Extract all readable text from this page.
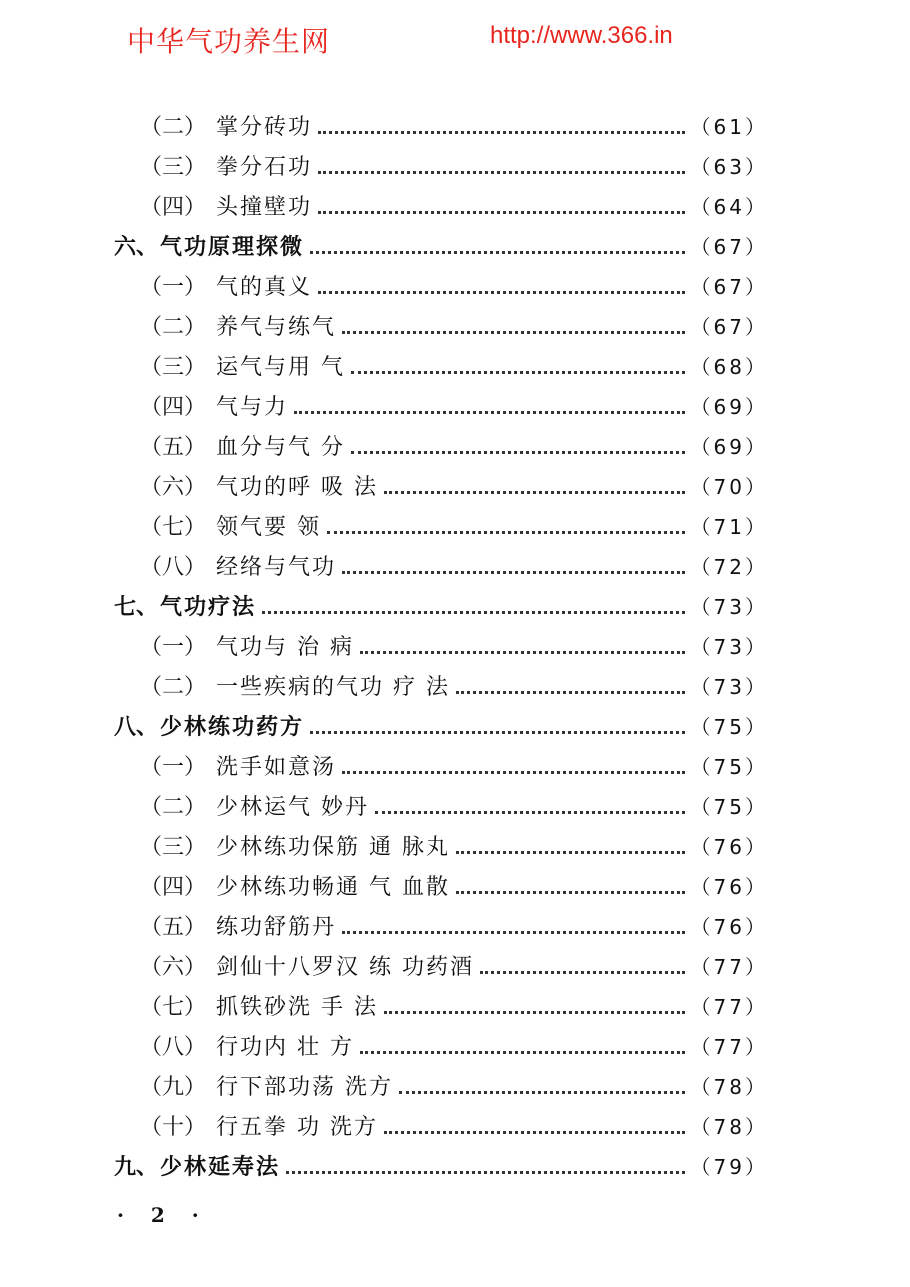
中华气功养生网	http://www.366.in
（二） 掌分砖功	（61）
（三） 拳分石功	（63）
（四） 头撞壁功	（64）
六、 气功原理探微	（67）
（一） 气的真义	（67）
（二） 养气与练气	（67）
（三） 运气与用 气	（68）
（四） 气与力	（69）
（五） 血分与气 分	（69）
（六） 气功的呼 吸 法	（70）
（七） 领气要 领	（71）
（八） 经络与气功	（72）
七、 气功疗法	（73）
（一） 气功与 治 病	（73）
（二） 一些疾病的气功 疗 法	（73）
八、 少林练功药方	（75）
（一） 洗手如意汤	（75）
（二） 少林运气 妙丹	（75）
（三） 少林练功保筋 通 脉丸	（76）
（四） 少林练功畅通 气 血散	（76）
（五） 练功舒筋丹	（76）
（六） 剑仙十八罗汉 练 功药酒	（77）
（七） 抓铁砂洗 手 法	（77）
（八） 行功内 壮 方	（77）
（九） 行下部功荡 洗方	（78）
（十） 行五拳 功 洗方	（78）
九、 少林延寿法	（79）
· 2 ·
